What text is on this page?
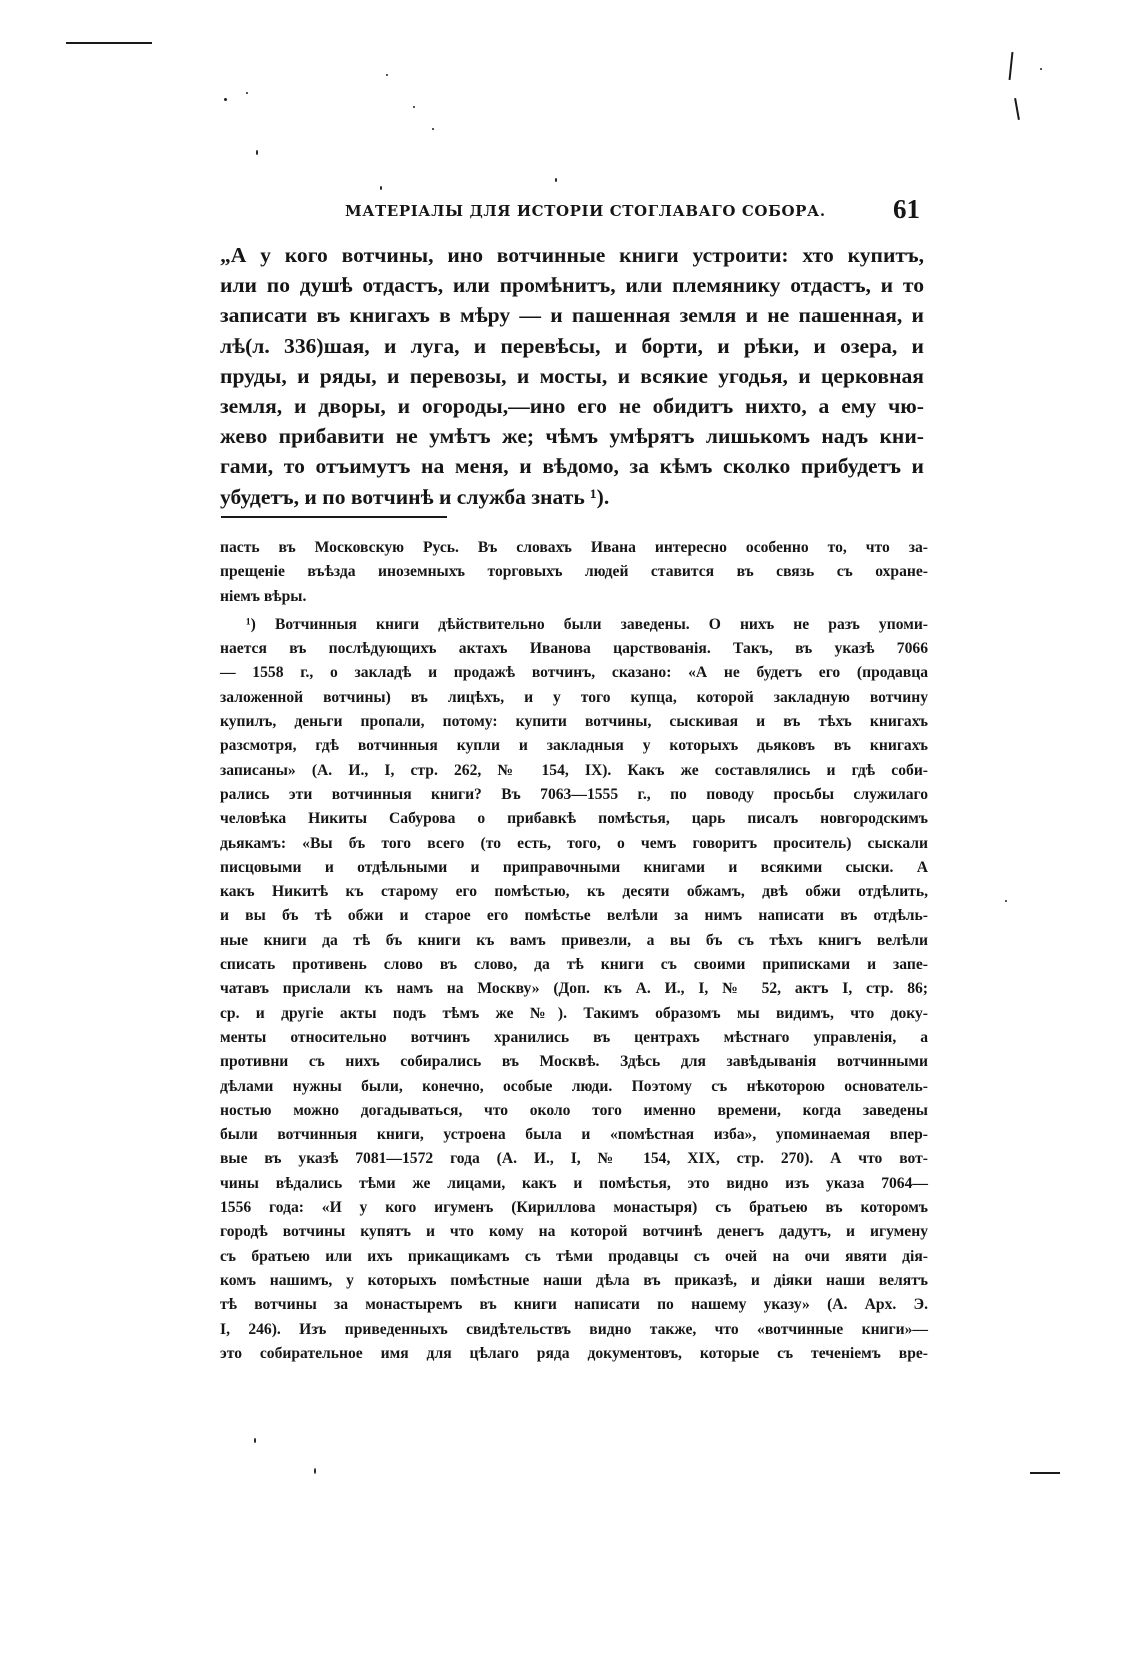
МАТЕРІАЛЫ ДЛЯ ИСТОРІИ СТОГЛАВАГО СОБОРА. 61
„А у кого вотчины, ино вотчинные книги устроити: хто купитъ,
или по душѣ отдастъ, или промѣнитъ, или племянику отдастъ, и то
записати въ книгахъ в мѣру — и пашенная земля и не пашенная, и
лѣ(л. 336)шая, и луга, и перевѣсы, и борти, и рѣки, и озера, и
пруды, и ряды, и перевозы, и мосты, и всякие угодья, и церковная
земля, и дворы, и огороды,—ино его не обидитъ нихто, а ему чю-
жево прибавити не умѣтъ же; чѣмъ умѣрятъ лишькомъ надъ кни-
гами, то отъимутъ на меня, и вѣдомо, за кѣмъ сколко прибудетъ и
убудетъ, и по вотчинѣ и служба знать ¹).
пасть въ Московскую Русь. Въ словахъ Ивана интересно особенно то, что за-
прещеніе въѣзда иноземныхъ торговыхъ людей ставится въ связь съ охране-
ніемъ вѣры.
¹) Вотчинныя книги дѣйствительно были заведены. О нихъ не разъ упоми-
нается въ послѣдующихъ актахъ Иванова царствованія. Такъ, въ указѣ 7066
— 1558 г., о закладѣ и продажѣ вотчинъ, сказано: «А не будетъ его (продавца
заложенной вотчины) въ лицѣхъ, и у того купца, которой закладную вотчину
купилъ, деньги пропали, потому: купити вотчины, сыскивая и въ тѣхъ книгахъ
разсмотря, гдѣ вотчинныя купли и закладныя у которыхъ дьяковъ въ книгахъ
записаны» (А. И., I, стр. 262, № 154, IX). Какъ же составлялись и гдѣ соби-
рались эти вотчинныя книги? Въ 7063—1555 г., по поводу просьбы служилаго
человѣка Никиты Сабурова о прибавкѣ помѣстья, царь писалъ новгородскимъ
дьякамъ: «Вы бъ того всего (то есть, того, о чемъ говоритъ проситель) сыскали
писцовыми и отдѣльными и приправочными книгами и всякими сыски. А
какъ Никитѣ къ старому его помѣстью, къ десяти обжамъ, двѣ обжи отдѣлить,
и вы бъ тѣ обжи и старое его помѣстье велѣли за нимъ написати въ отдѣль-
ные книги да тѣ бъ книги къ вамъ привезли, а вы бъ съ тѣхъ книгъ велѣли
списать противень слово въ слово, да тѣ книги съ своими приписками и запе-
чатавъ прислали къ намъ на Москву» (Доп. къ А. И., I, № 52, актъ I, стр. 86;
ср. и другіе акты подъ тѣмъ же №). Такимъ образомъ мы видимъ, что доку-
менты относительно вотчинъ хранились въ центрахъ мѣстнаго управленія, а
противни съ нихъ собирались въ Москвѣ. Здѣсь для завѣдыванія вотчинными
дѣлами нужны были, конечно, особые люди. Поэтому съ нѣкоторою основатель-
ностью можно догадываться, что около того именно времени, когда заведены
были вотчинныя книги, устроена была и «помѣстная изба», упоминаемая впер-
вые въ указѣ 7081—1572 года (А. И., I, № 154, XIX, стр. 270). А что вот-
чины вѣдались тѣми же лицами, какъ и помѣстья, это видно изъ указа 7064—
1556 года: «И у кого игуменъ (Кириллова монастыря) съ братьею въ которомъ
городѣ вотчины купятъ и что кому на которой вотчинѣ денегъ дадутъ, и игумену
съ братьею или ихъ прикащикамъ съ тѣми продавцы съ очей на очи явяти дія-
комъ нашимъ, у которыхъ помѣстные наши дѣла въ приказѣ, и діяки наши велятъ
тѣ вотчины за монастыремъ въ книги написати по нашему указу» (А. Арх. Э.
I, 246). Изъ приведенныхъ свидѣтельствъ видно также, что «вотчинные книги»—
это собирательное имя для цѣлаго ряда документовъ, которые съ теченіемъ вре-
